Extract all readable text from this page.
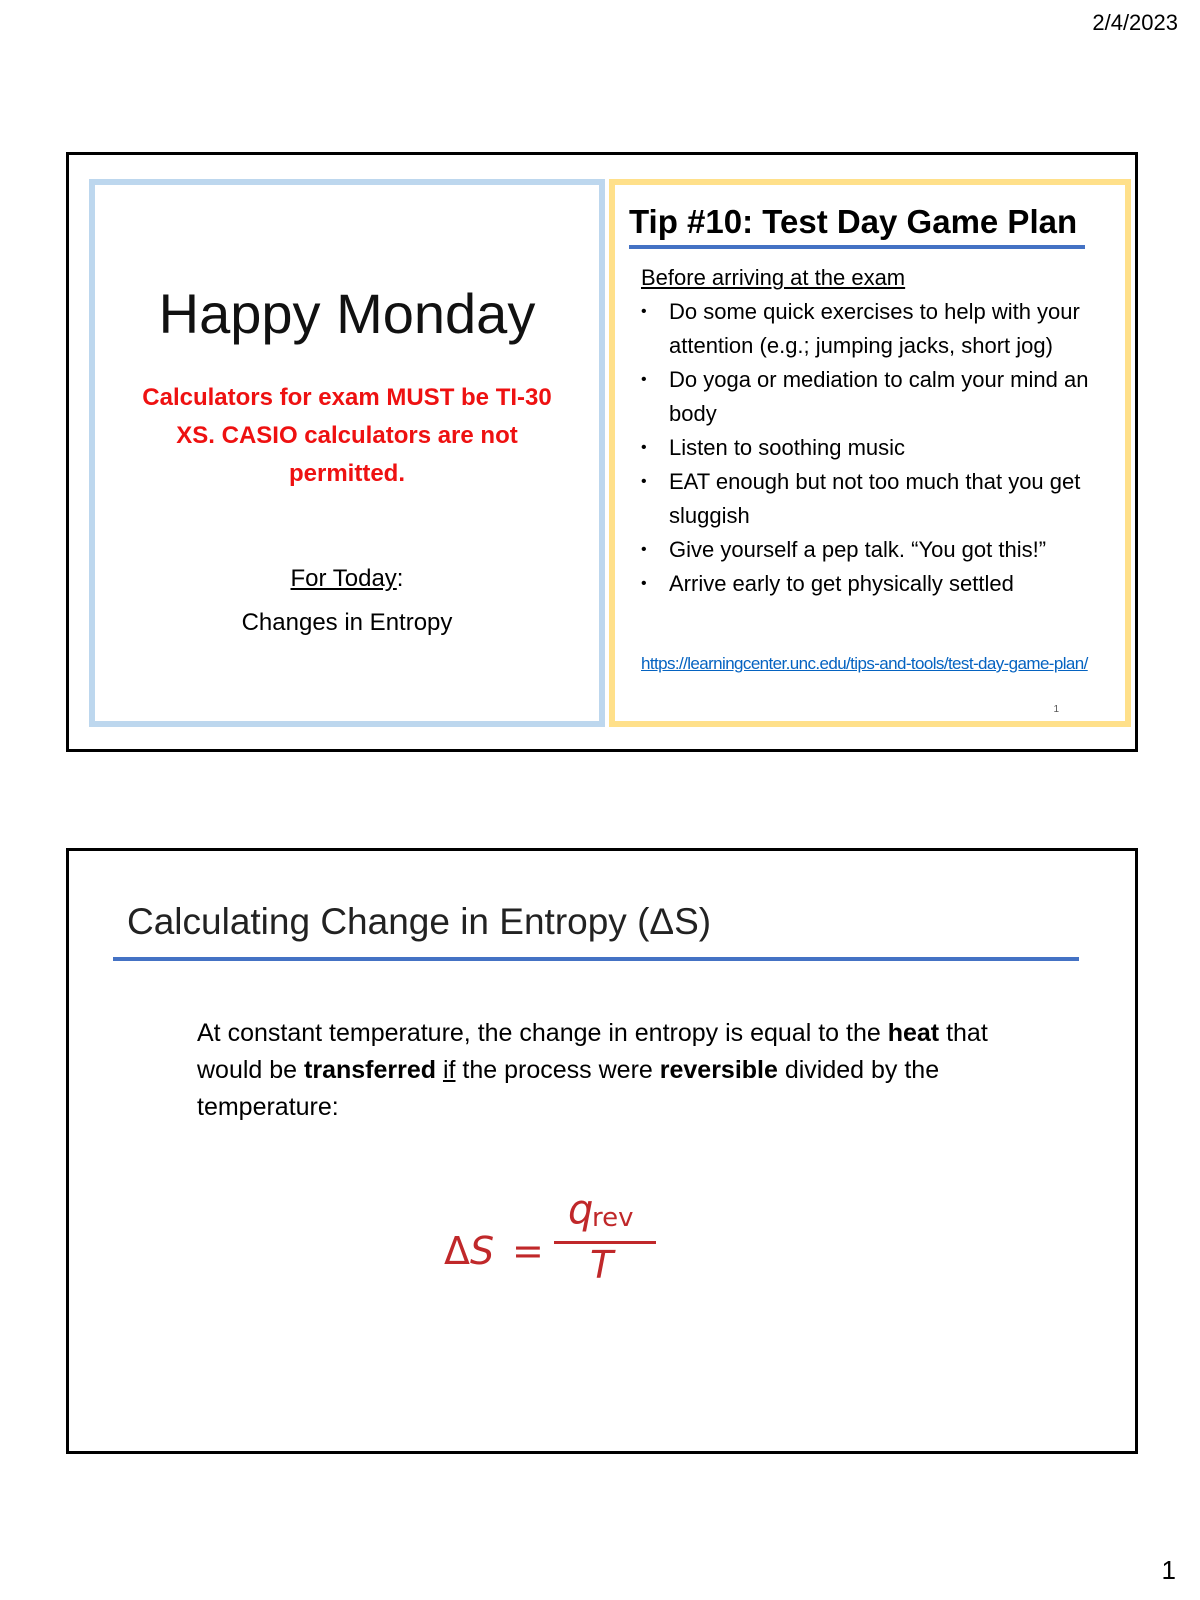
2/4/2023
Happy Monday
Calculators for exam MUST be TI-30 XS. CASIO calculators are not permitted.
For Today:
Changes in Entropy
Tip #10: Test Day Game Plan
Before arriving at the exam
• Do some quick exercises to help with your attention (e.g.; jumping jacks, short jog)
• Do yoga or mediation to calm your mind an body
• Listen to soothing music
• EAT enough but not too much that you get sluggish
• Give yourself a pep talk. “You got this!”
• Arrive early to get physically settled
https://learningcenter.unc.edu/tips-and-tools/test-day-game-plan/
1
Calculating Change in Entropy (ΔS)
At constant temperature, the change in entropy is equal to the heat that would be transferred if the process were reversible divided by the temperature:
ΔS =
q
rev
T
1
